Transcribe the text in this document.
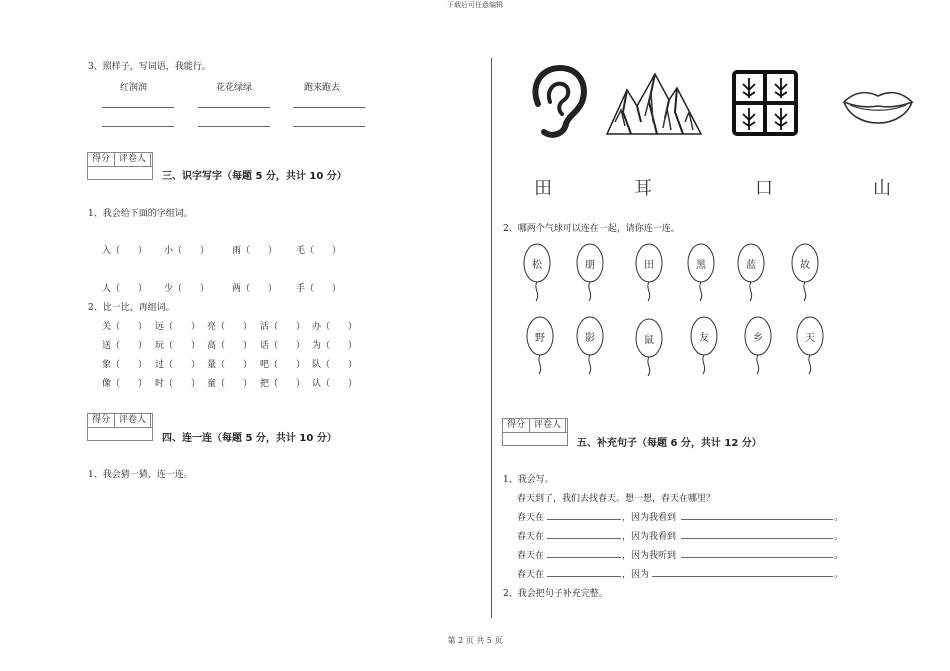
下载后可任意编辑
3、照样子，写词语，我能行。
红润润	花花绿绿	跑来跑去
得分	评卷人
三、识字写字（每题 5 分，共计 10 分）
1、我会给下面的字组词。
入（　　） 小（　　）	雨（　　） 毛（　　）
人（　　） 少（　　）	两（　　） 手（　　）
2、比一比，再组词。
关（　　） 远（　　） 亮（　　） 活（　　） 办（　　）
送（　　） 玩（　　） 高（　　） 话（　　） 为（　　）
象（　　） 过（　　） 量（　　） 吧（　　） 队（　　）
像（　　） 时（　　） 童（　　） 把（　　） 认（　　）
得分	评卷人
四、连一连（每题 5 分，共计 10 分）
1、我会猜一猜，连一连。
田	耳	口	山
2、哪两个气球可以连在一起，请你连一连。
松	朋	田	黑	蓝	故
野	影	鼠	友	乡	天
得分	评卷人
五、补充句子（每题 6 分，共计 12 分）
1、我会写。
春天到了，我们去找春天。想一想，春天在哪里？
春天在	，因为我看到	。
春天在	，因为我看到	。
春天在	，因为我听到	。
春天在	，因为	。
2、我会把句子补充完整。
第 2 页 共 5 页
